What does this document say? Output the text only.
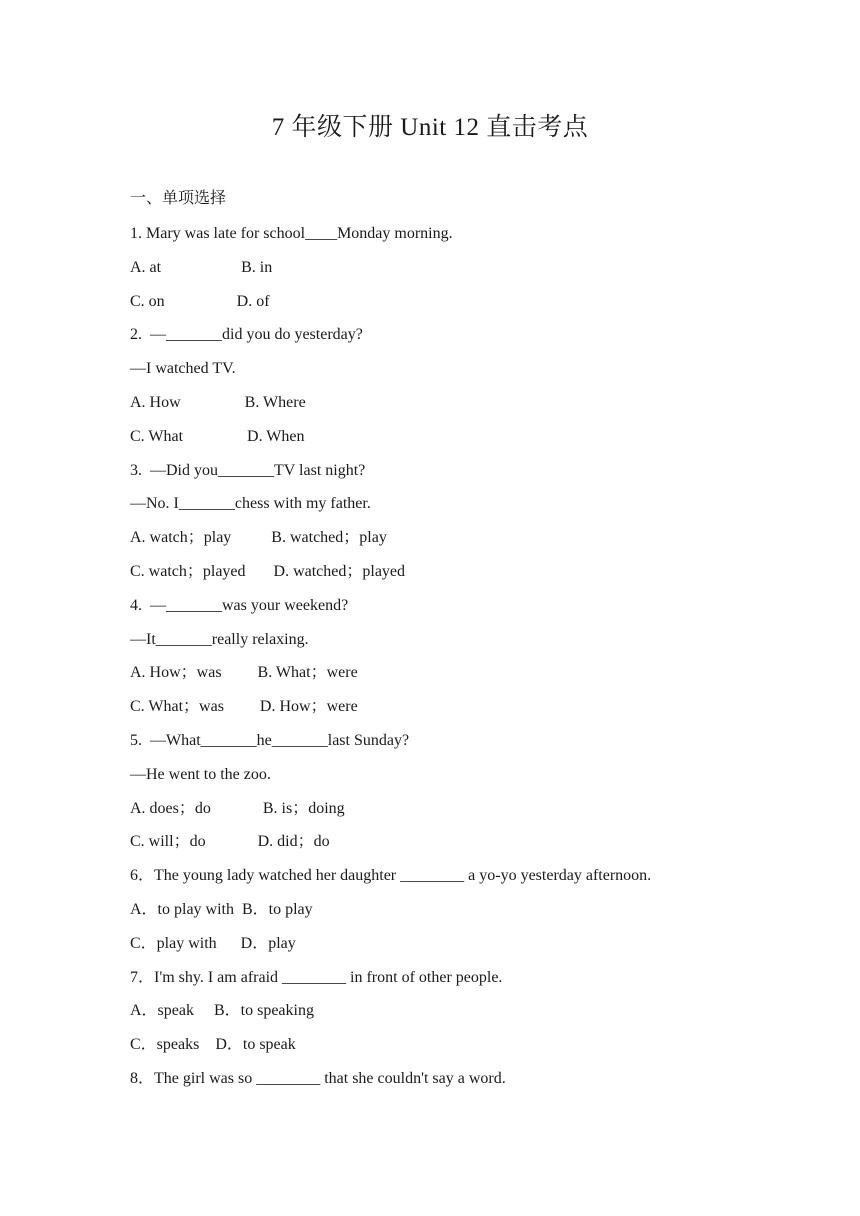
7 年级下册 Unit 12 直击考点
一、单项选择
1. Mary was late for school____Monday morning.
A. at                    B. in
C. on                  D. of
2.  —_______did you do yesterday?
—I watched TV.
A. How                B. Where
C. What                D. When
3.  —Did you_______TV last night?
—No. I_______chess with my father.
A. watch；play          B. watched；play
C. watch；played       D. watched；played
4.  —_______was your weekend?
—It_______really relaxing.
A. How；was         B. What；were
C. What；was         D. How；were
5.  —What_______he_______last Sunday?
—He went to the zoo.
A. does；do             B. is；doing
C. will；do             D. did；do
6．The young lady watched her daughter ________ a yo-yo yesterday afternoon.
A．to play with  B．to play
C．play with      D．play
7．I'm shy. I am afraid ________ in front of other people.
A．speak     B．to speaking
C．speaks    D．to speak
8．The girl was so ________ that she couldn't say a word.
